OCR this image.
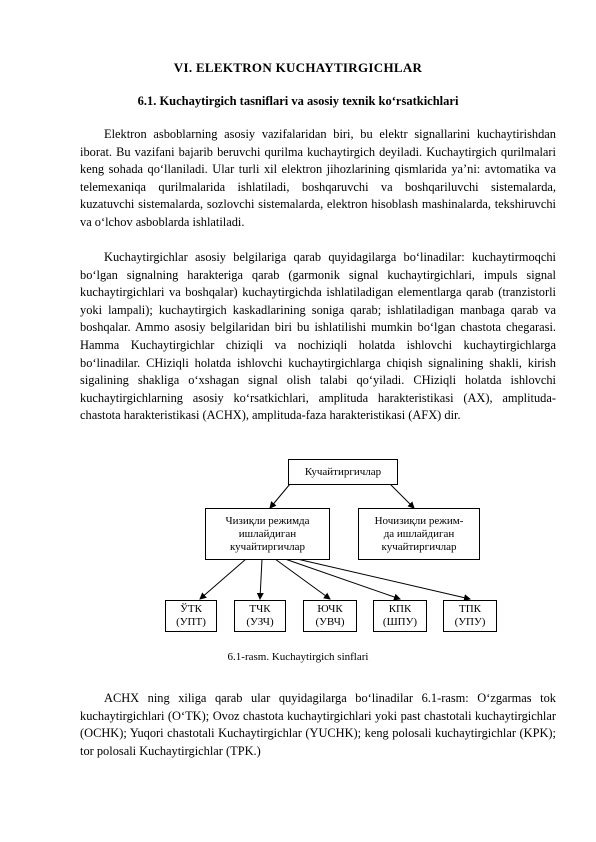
VI. ELEKTRON KUCHAYTIRGICHLAR
6.1. Kuchaytirgich tasniflari va asosiy texnik koʻrsatkichlari

Elektron asboblarning asosiy vazifalaridan biri, bu elektr signallarini kuchaytirishdan iborat. Bu vazifani bajarib beruvchi qurilma kuchaytirgich deyiladi. Kuchaytirgich qurilmalari keng sohada qoʻllaniladi. Ular turli xil elektron jihozlarining qismlarida ya’ni: avtomatika va telemexaniqa qurilmalarida ishlatiladi, boshqaruvchi va boshqariluvchi sistemalarda, kuzatuvchi sistemalarda, sozlovchi sistemalarda, elektron hisoblash mashinalarda, tekshiruvchi va oʻlchov asboblarda ishlatiladi.

Kuchaytirgichlar asosiy belgilariga qarab quyidagilarga boʻlinadilar: kuchaytirmoqchi boʻlgan signalning harakteriga qarab (garmonik signal kuchaytirgichlari, impuls signal kuchaytirgichlari va boshqalar) kuchaytirgichda ishlatiladigan elementlarga qarab (tranzistorli yoki lampali); kuchaytirgich kaskadlarining soniga qarab; ishlatiladigan manbaga qarab va boshqalar. Ammo asosiy belgilaridan biri bu ishlatilishi mumkin boʻlgan chastota chegarasi. Hamma Kuchaytirgichlar chiziqli va nochiziqli holatda ishlovchi kuchaytirgichlarga boʻlinadilar. CHiziqli holatda ishlovchi kuchaytirgichlarga chiqish signalining shakli, kirish sigalining shakliga oʻxshagan signal olish talabi qoʻyiladi. CHiziqli holatda ishlovchi kuchaytirgichlarning asosiy koʻrsatkichlari, amplituda harakteristikasi (AX), amplituda-chastota harakteristikasi (ACHX), amplituda-faza harakteristikasi (AFX) dir.

Кучайтиргичлар
Чизиқли режимда
ишлайдиган
кучайтиргичлар
Ночизиқли режим-
да ишлайдиган
кучайтиргичлар
ЎТК
(УПТ)
ТЧК
(УЗЧ)
ЮЧК
(УВЧ)
КПК
(ШПУ)
ТПК
(УПУ)
6.1-rasm. Kuchaytirgich sinflari

ACHX ning xiliga qarab ular quyidagilarga boʻlinadilar 6.1-rasm: Oʻzgarmas tok kuchaytirgichlari (OʻTK); Ovoz chastota kuchaytirgichlari yoki past chastotali kuchaytirgichlar (OCHK); Yuqori chastotali Kuchaytirgichlar (YUCHK); keng polosali kuchaytirgichlar (KPK); tor polosali Kuchaytirgichlar (TPK.)
